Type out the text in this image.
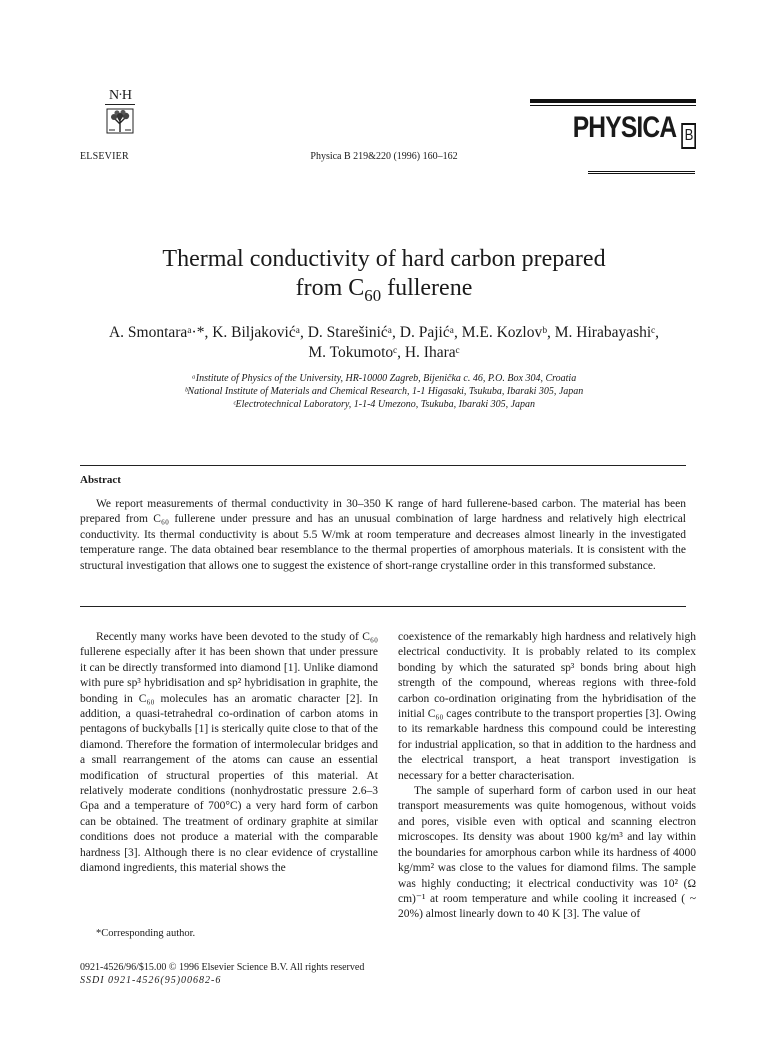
N·H
ELSEVIER	Physica B 219&220 (1996) 160–162
PHYSICA B
Thermal conductivity of hard carbon prepared
from $C_{60}$ fullerene
A. Smontaraᵃ·*, K. Biljakovićᵃ, D. Starešinićᵃ, D. Pajićᵃ, M.E. Kozlovᵇ, M. Hirabayashiᶜ,
M. Tokumotoᶜ, H. Iharaᶜ
ᵃInstitute of Physics of the University, HR-10000 Zagreb, Bijenička c. 46, P.O. Box 304, Croatia
ᵇNational Institute of Materials and Chemical Research, 1-1 Higasaki, Tsukuba, Ibaraki 305, Japan
ᶜElectrotechnical Laboratory, 1-1-4 Umezono, Tsukuba, Ibaraki 305, Japan
Abstract
We report measurements of thermal conductivity in 30–350 K range of hard fullerene-based carbon. The material has been prepared from C₆₀ fullerene under pressure and has an unusual combination of large hardness and relatively high electrical conductivity. Its thermal conductivity is about 5.5 W/mk at room temperature and decreases almost linearly in the investigated temperature range. The data obtained bear resemblance to the thermal properties of amorphous materials. It is consistent with the structural investigation that allows one to suggest the existence of short-range crystalline order in this transformed substance.

Recently many works have been devoted to the study of C₆₀ fullerene especially after it has been shown that under pressure it can be directly transformed into diamond [1]. Unlike diamond with pure sp³ hybridisation and sp² hybridisation in graphite, the bonding in C₆₀ molecules has an aromatic character [2]. In addition, a quasi-tetrahedral co-ordination of carbon atoms in pentagons of buckyballs [1] is sterically quite close to that of the diamond. Therefore the formation of intermolecular bridges and a small rearrangement of the atoms can cause an essential modification of structural properties of this material. At relatively moderate conditions (nonhydrostatic pressure 2.6–3 Gpa and a temperature of 700°C) a very hard form of carbon can be obtained. The treatment of ordinary graphite at similar conditions does not produce a material with the comparable hardness [3]. Although there is no clear evidence of crystalline diamond ingredients, this material shows the

coexistence of the remarkably high hardness and relatively high electrical conductivity. It is probably related to its complex bonding by which the saturated sp³ bonds bring about high strength of the compound, whereas regions with three-fold carbon co-ordination originating from the hybridisation of the initial C₆₀ cages contribute to the transport properties [3]. Owing to its remarkable hardness this compound could be interesting for industrial application, so that in addition to the hardness and the electrical transport, a heat transport investigation is necessary for a better characterisation.

The sample of superhard form of carbon used in our heat transport measurements was quite homogenous, without voids and pores, visible even with optical and scanning electron microscopes. Its density was about 1900 kg/m³ and lay within the boundaries for amorphous carbon while its hardness of 4000 kg/mm² was close to the values for diamond films. The sample was highly conducting; it electrical conductivity was 10² (Ω cm)⁻¹ at room temperature and while cooling it increased ( ~ 20%) almost linearly down to 40 K [3]. The value of

*Corresponding author.
0921-4526/96/$15.00 © 1996 Elsevier Science B.V. All rights reserved
SSDI 0921-4526(95)00682-6
